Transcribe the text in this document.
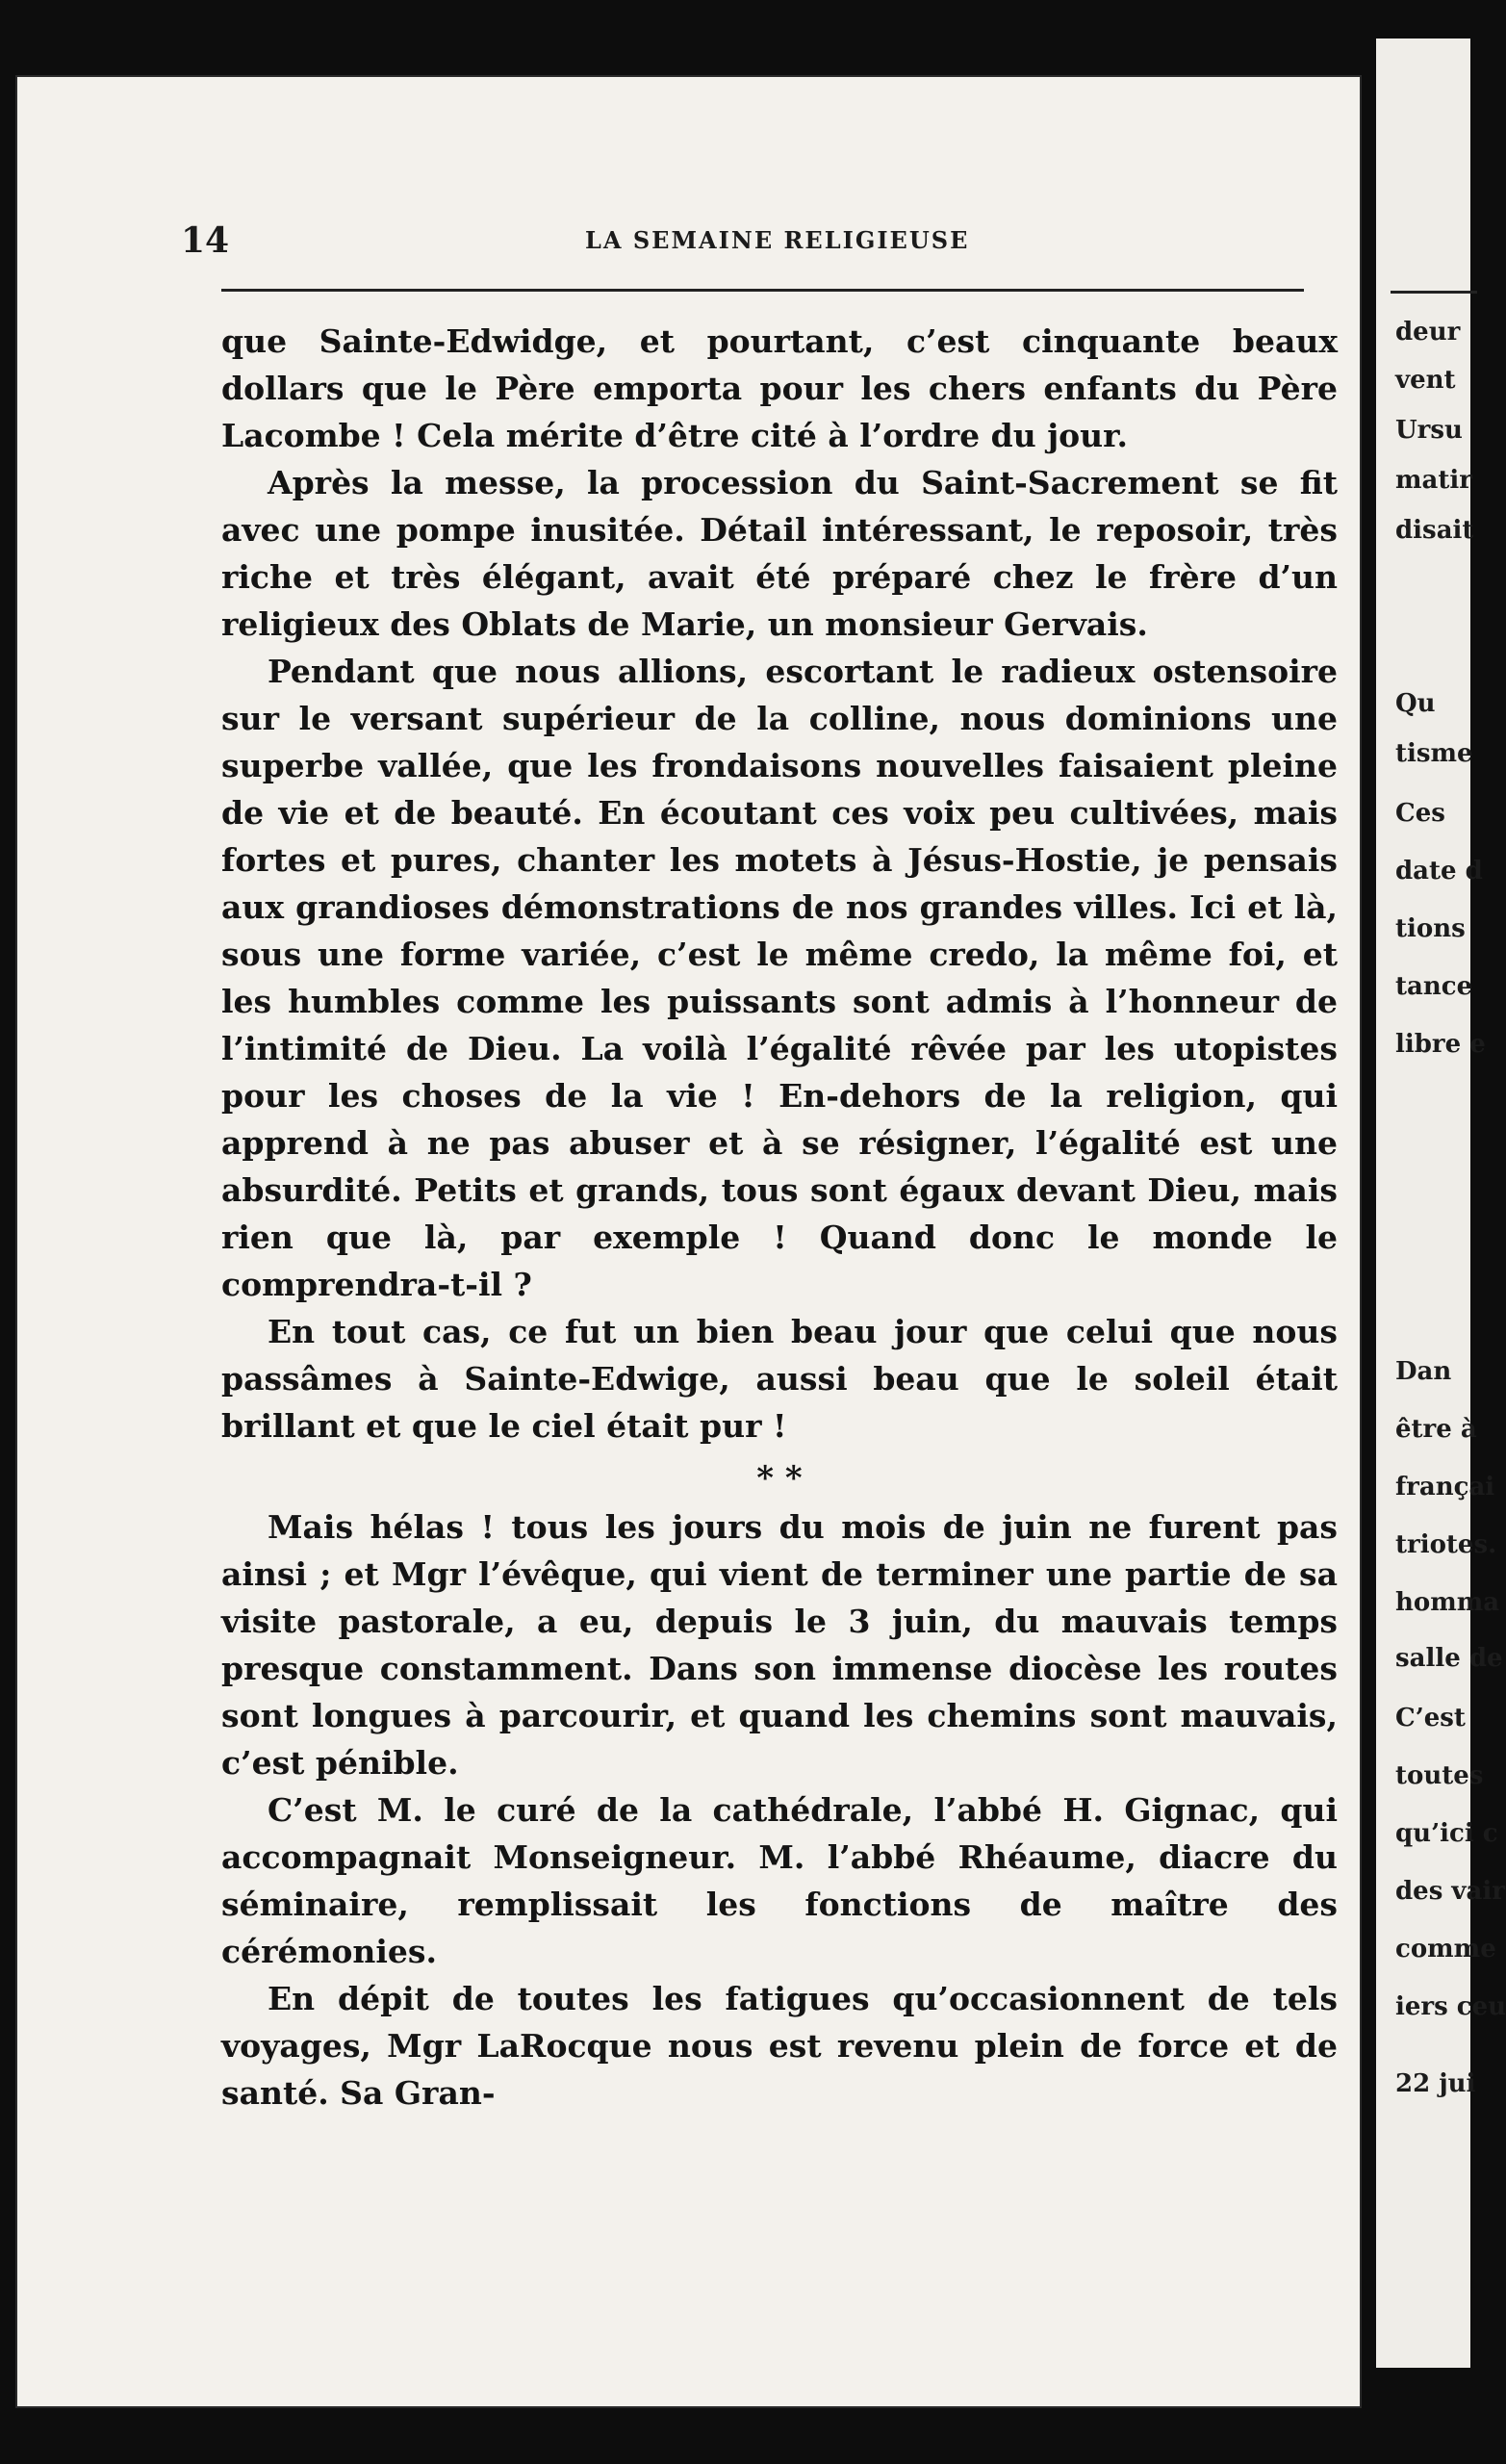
14	LA SEMAINE RELIGIEUSE

que Sainte-Edwidge, et pourtant, c’est cinquante beaux dollars que le Père emporta pour les chers enfants du Père Lacombe ! Cela mérite d’être cité à l’ordre du jour.

Après la messe, la procession du Saint-Sacrement se fit avec une pompe inusitée. Détail intéressant, le reposoir, très riche et très élégant, avait été préparé chez le frère d’un religieux des Oblats de Marie, un monsieur Gervais.

Pendant que nous allions, escortant le radieux ostensoire sur le versant supérieur de la colline, nous dominions une superbe vallée, que les frondaisons nouvelles faisaient pleine de vie et de beauté. En écoutant ces voix peu cultivées, mais fortes et pures, chanter les motets à Jésus-Hostie, je pensais aux grandioses démonstrations de nos grandes villes. Ici et là, sous une forme variée, c’est le même credo, la même foi, et les humbles comme les puissants sont admis à l’honneur de l’intimité de Dieu. La voilà l’égalité rêvée par les utopistes pour les choses de la vie ! En-dehors de la religion, qui apprend à ne pas abuser et à se résigner, l’égalité est une absurdité. Petits et grands, tous sont égaux devant Dieu, mais rien que là, par exemple ! Quand donc le monde le comprendra-t-il ?

En tout cas, ce fut un bien beau jour que celui que nous passâmes à Sainte-Edwige, aussi beau que le soleil était brillant et que le ciel était pur !

* *

Mais hélas ! tous les jours du mois de juin ne furent pas ainsi ; et Mgr l’évêque, qui vient de terminer une partie de sa visite pastorale, a eu, depuis le 3 juin, du mauvais temps presque constamment. Dans son immense diocèse les routes sont longues à parcourir, et quand les chemins sont mauvais, c’est pénible.

C’est M. le curé de la cathédrale, l’abbé H. Gignac, qui accompagnait Monseigneur. M. l’abbé Rhéaume, diacre du séminaire, remplissait les fonctions de maître des cérémonies.

En dépit de toutes les fatigues qu’occasionnent de tels voyages, Mgr LaRocque nous est revenu plein de force et de santé. Sa Gran-

deur
vent
Ursu
matir
disait
Qu
tisme
Ces
date d
tions
tance
libre e
Dan
être à
françai
triotes.
homma
salle de
C’est
toutes
qu’ici c
des vair
comme
iers ceu
22 jui
